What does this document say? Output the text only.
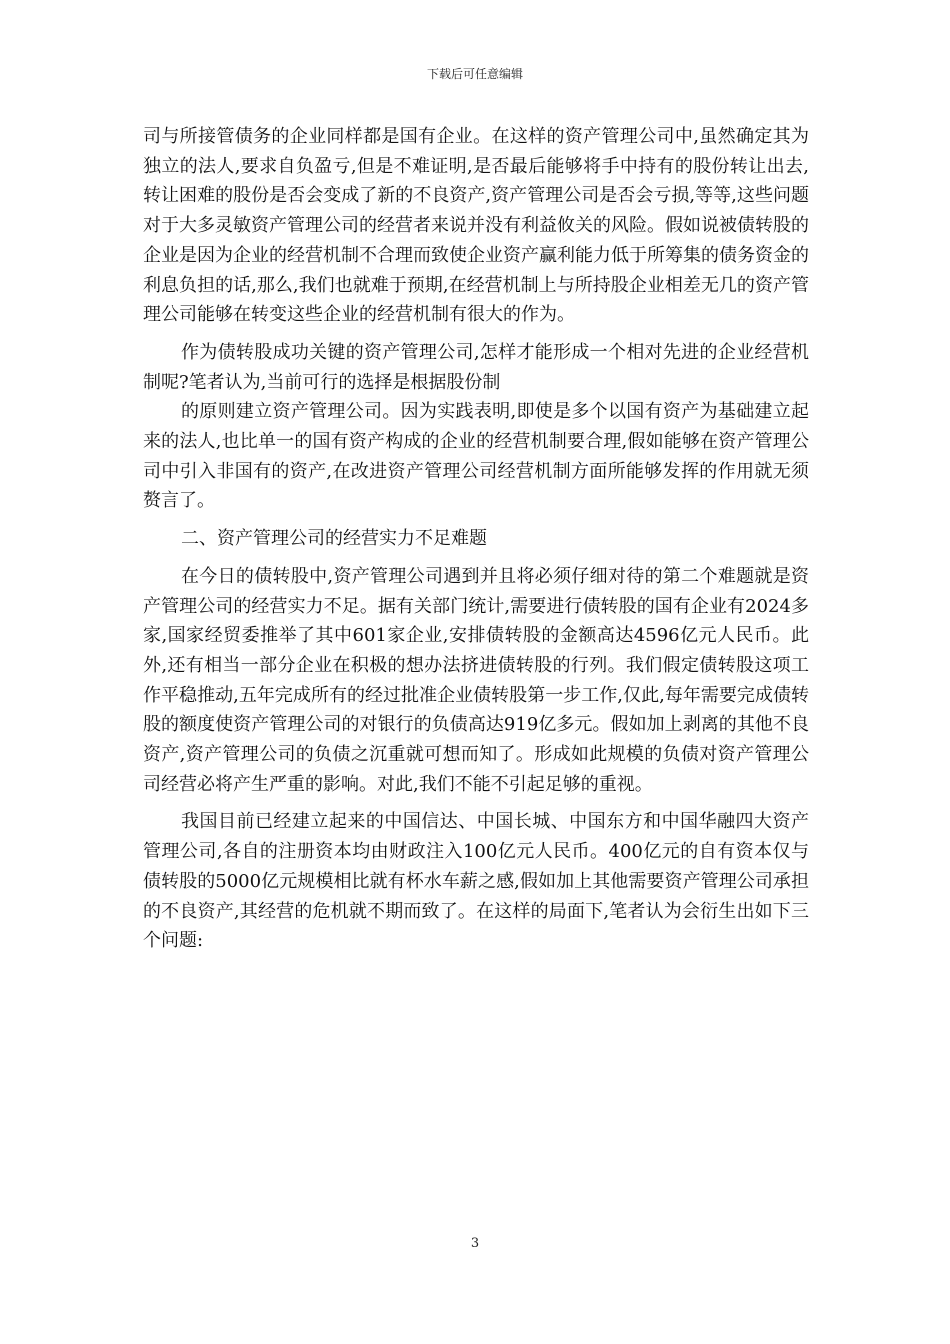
下载后可任意编辑

司与所接管债务的企业同样都是国有企业。在这样的资产管理公司中,虽然确定其为独立的法人,要求自负盈亏,但是不难证明,是否最后能够将手中持有的股份转让出去,转让困难的股份是否会变成了新的不良资产,资产管理公司是否会亏损,等等,这些问题对于大多灵敏资产管理公司的经营者来说并没有利益攸关的风险。假如说被债转股的企业是因为企业的经营机制不合理而致使企业资产赢利能力低于所筹集的债务资金的利息负担的话,那么,我们也就难于预期,在经营机制上与所持股企业相差无几的资产管理公司能够在转变这些企业的经营机制有很大的作为。

作为债转股成功关键的资产管理公司,怎样才能形成一个相对先进的企业经营机制呢?笔者认为,当前可行的选择是根据股份制

的原则建立资产管理公司。因为实践表明,即使是多个以国有资产为基础建立起来的法人,也比单一的国有资产构成的企业的经营机制要合理,假如能够在资产管理公司中引入非国有的资产,在改进资产管理公司经营机制方面所能够发挥的作用就无须赘言了。

二、资产管理公司的经营实力不足难题

在今日的债转股中,资产管理公司遇到并且将必须仔细对待的第二个难题就是资产管理公司的经营实力不足。据有关部门统计,需要进行债转股的国有企业有2024多家,国家经贸委推举了其中601家企业,安排债转股的金额高达4596亿元人民币。此外,还有相当一部分企业在积极的想办法挤进债转股的行列。我们假定债转股这项工作平稳推动,五年完成所有的经过批准企业债转股第一步工作,仅此,每年需要完成债转股的额度使资产管理公司的对银行的负债高达919亿多元。假如加上剥离的其他不良资产,资产管理公司的负债之沉重就可想而知了。形成如此规模的负债对资产管理公司经营必将产生严重的影响。对此,我们不能不引起足够的重视。

我国目前已经建立起来的中国信达、中国长城、中国东方和中国华融四大资产管理公司,各自的注册资本均由财政注入100亿元人民币。400亿元的自有资本仅与债转股的5000亿元规模相比就有杯水车薪之感,假如加上其他需要资产管理公司承担的不良资产,其经营的危机就不期而致了。在这样的局面下,笔者认为会衍生出如下三个问题:

3
